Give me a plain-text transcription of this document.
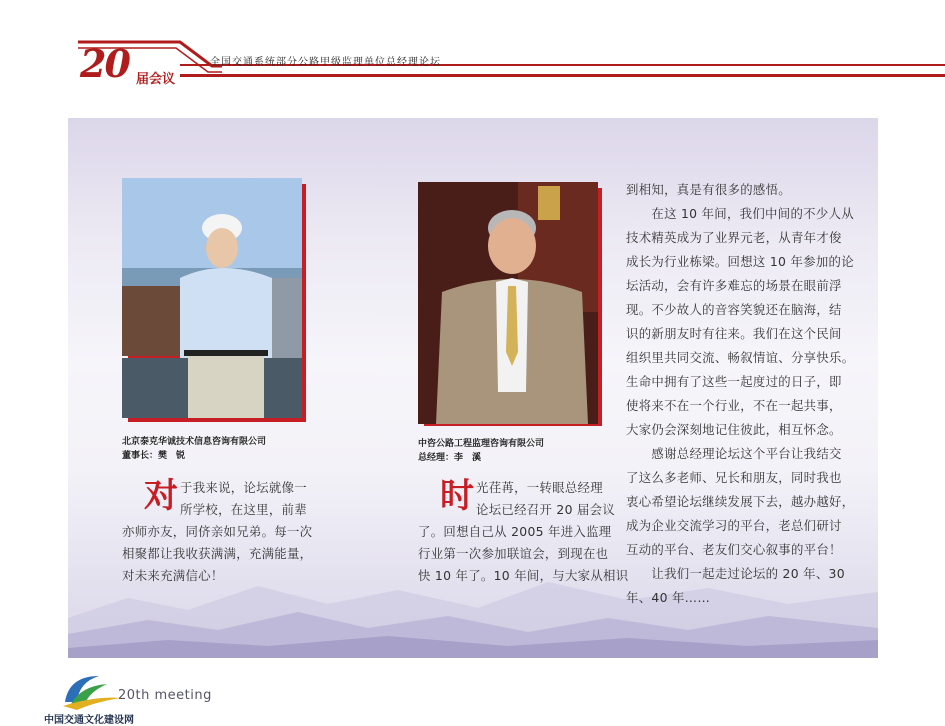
20 届会议
全国交通系统部分公路甲级监理单位总经理论坛
北京泰克华诚技术信息咨询有限公司
董事长：樊　锐
中咨公路工程监理咨询有限公司
总经理：李　溪
对 于我来说，论坛就像一
所学校，在这里，前辈
亦师亦友，同侪亲如兄弟。每一次
相聚都让我收获满满，充满能量，
对未来充满信心！
时 光荏苒，一转眼总经理
论坛已经召开 20 届会议
了。回想自己从 2005 年进入监理
行业第一次参加联谊会，到现在也
快 10 年了。10 年间，与大家从相识
到相知，真是有很多的感悟。
　　在这 10 年间，我们中间的不少人从
技术精英成为了业界元老，从青年才俊
成长为行业栋梁。回想这 10 年参加的论
坛活动，会有许多难忘的场景在眼前浮
现。不少故人的音容笑貌还在脑海，结
识的新朋友时有往来。我们在这个民间
组织里共同交流、畅叙情谊、分享快乐。
生命中拥有了这些一起度过的日子，即
使将来不在一个行业，不在一起共事，
大家仍会深刻地记住彼此，相互怀念。
　　感谢总经理论坛这个平台让我结交
了这么多老师、兄长和朋友，同时我也
衷心希望论坛继续发展下去，越办越好，
成为企业交流学习的平台，老总们研讨
互动的平台、老友们交心叙事的平台！
　　让我们一起走过论坛的 20 年、30
年、40 年……
20th meeting
中国交通文化建设网
